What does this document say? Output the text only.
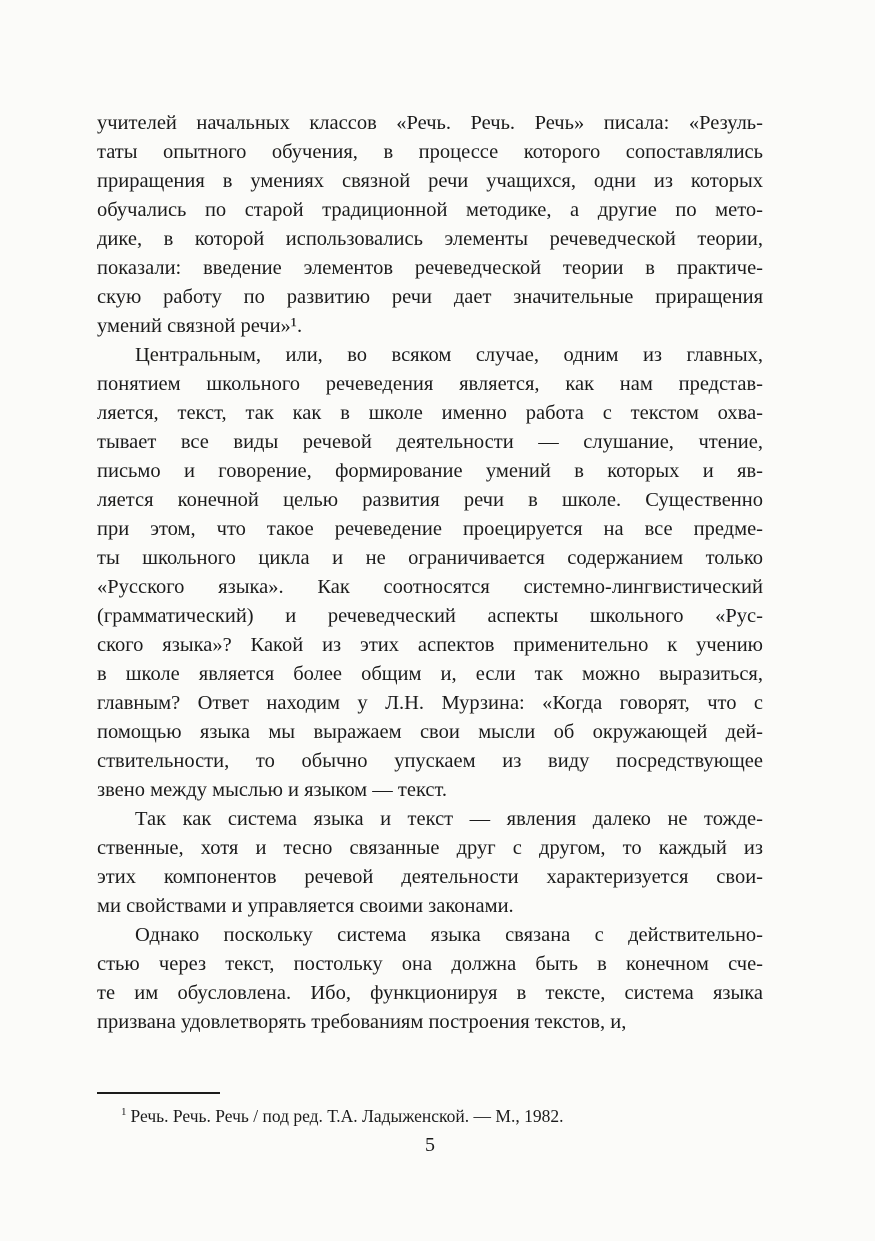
учителей начальных классов «Речь. Речь. Речь» писала: «Резуль-
таты опытного обучения, в процессе которого сопоставлялись
приращения в умениях связной речи учащихся, одни из которых
обучались по старой традиционной методике, а другие по мето-
дике, в которой использовались элементы речеведческой теории,
показали: введение элементов речеведческой теории в практиче-
скую работу по развитию речи дает значительные приращения
умений связной речи»¹.
Центральным, или, во всяком случае, одним из главных,
понятием школьного речеведения является, как нам представ-
ляется, текст, так как в школе именно работа с текстом охва-
тывает все виды речевой деятельности — слушание, чтение,
письмо и говорение, формирование умений в которых и яв-
ляется конечной целью развития речи в школе. Существенно
при этом, что такое речеведение проецируется на все предме-
ты школьного цикла и не ограничивается содержанием только
«Русского языка». Как соотносятся системно-лингвистический
(грамматический) и речеведческий аспекты школьного «Рус-
ского языка»? Какой из этих аспектов применительно к учению
в школе является более общим и, если так можно выразиться,
главным? Ответ находим у Л.Н. Мурзина: «Когда говорят, что с
помощью языка мы выражаем свои мысли об окружающей дей-
ствительности, то обычно упускаем из виду посредствующее
звено между мыслью и языком — текст.
Так как система языка и текст — явления далеко не тожде-
ственные, хотя и тесно связанные друг с другом, то каждый из
этих компонентов речевой деятельности характеризуется свои-
ми свойствами и управляется своими законами.
Однако поскольку система языка связана с действительно-
стью через текст, постольку она должна быть в конечном сче-
те им обусловлена. Ибо, функционируя в тексте, система языка
призвана удовлетворять требованиям построения текстов, и,
$^1$ Речь. Речь. Речь / под ред. Т.А. Ладыженской. — М., 1982.
5
